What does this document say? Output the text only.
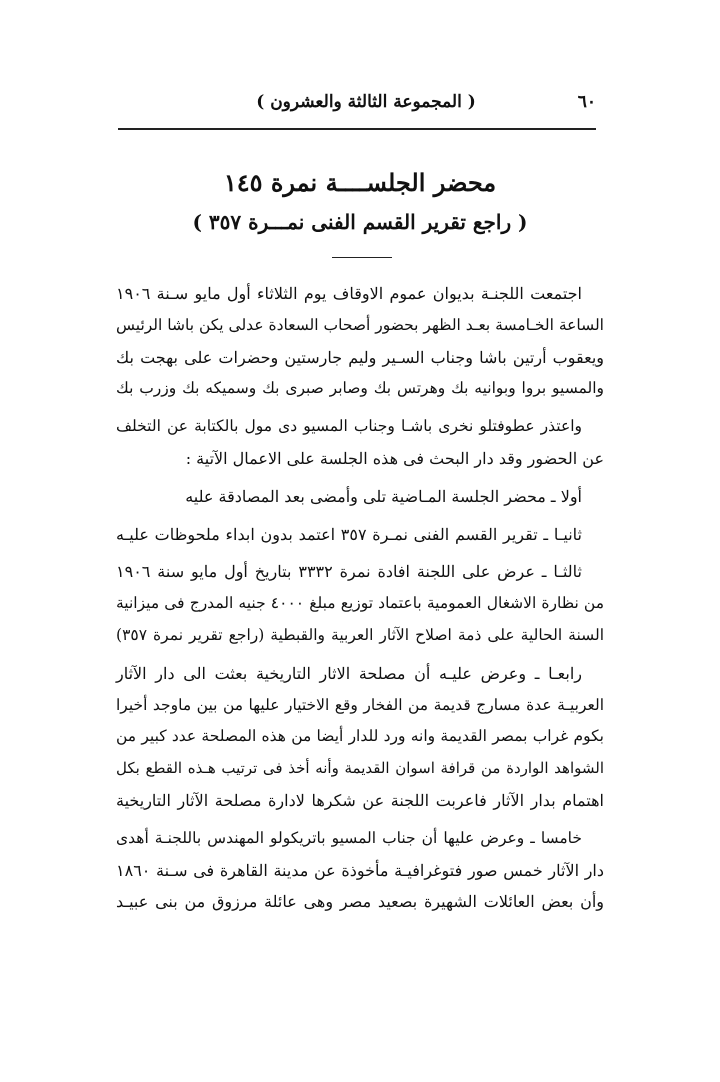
٦٠
( المجموعة الثالثة والعشرون )
محضر الجلســــة نمرة ١٤٥
( راجع تقرير القسم الفنى نمـــرة ٣٥٧ )

اجتمعت اللجنـة بديوان عموم الاوقاف يوم الثلاثاء أول مايو سـنة ١٩٠٦
الساعة الخـامسة بعـد الظهر بحضور أصحاب السعادة عدلى يكن باشا الرئيس
ويعقوب أرتين باشا وجناب السـير وليم جارستين وحضرات على بهجت بك
والمسيو بروا وبوانيه بك وهرتس بك وصابر صبرى بك وسميكه بك وزرب بك

واعتذر عطوفتلو نخرى باشـا وجناب المسيو دى مول بالكتابة عن التخلف
عن الحضور وقد دار البحث فى هذه الجلسة على الاعمال الآتية :

أولا ـ محضر الجلسة المـاضية تلى وأمضى بعد المصادقة عليه

ثانيـا ـ تقرير القسم الفنى نمـرة ٣٥٧ اعتمد بدون ابداء ملحوظات عليـه

ثالثـا ـ عرض على اللجنة افادة نمرة ٣٣٣٢ بتاريخ أول مايو سنة ١٩٠٦
من نظارة الاشغال العمومية باعتماد توزيع مبلغ ٤٠٠٠ جنيه المدرج فى ميزانية
السنة الحالية على ذمة اصلاح الآثار العربية والقبطية (راجع تقرير نمرة ٣٥٧)

رابعـا ـ وعرض عليـه أن مصلحة الاثار التاريخية بعثت الى دار الآثار
العربيـة عدة مسارج قديمة من الفخار وقع الاختيار عليها من بين ماوجد أخيرا
بكوم غراب بمصر القديمة وانه ورد للدار أيضا من هذه المصلحة عدد كبير من
الشواهد الواردة من قرافة اسوان القديمة وأنه أخذ فى ترتيب هـذه القطع بكل
اهتمام بدار الآثار فاعربت اللجنة عن شكرها لادارة مصلحة الآثار التاريخية

خامسا ـ وعرض عليها أن جناب المسيو باتريكولو المهندس باللجنـة أهدى
دار الآثار خمس صور فتوغرافيـة مأخوذة عن مدينة القاهرة فى سـنة ١٨٦٠
وأن بعض العائلات الشهيرة بصعيد مصر وهى عائلة مرزوق من بنى عبيـد
